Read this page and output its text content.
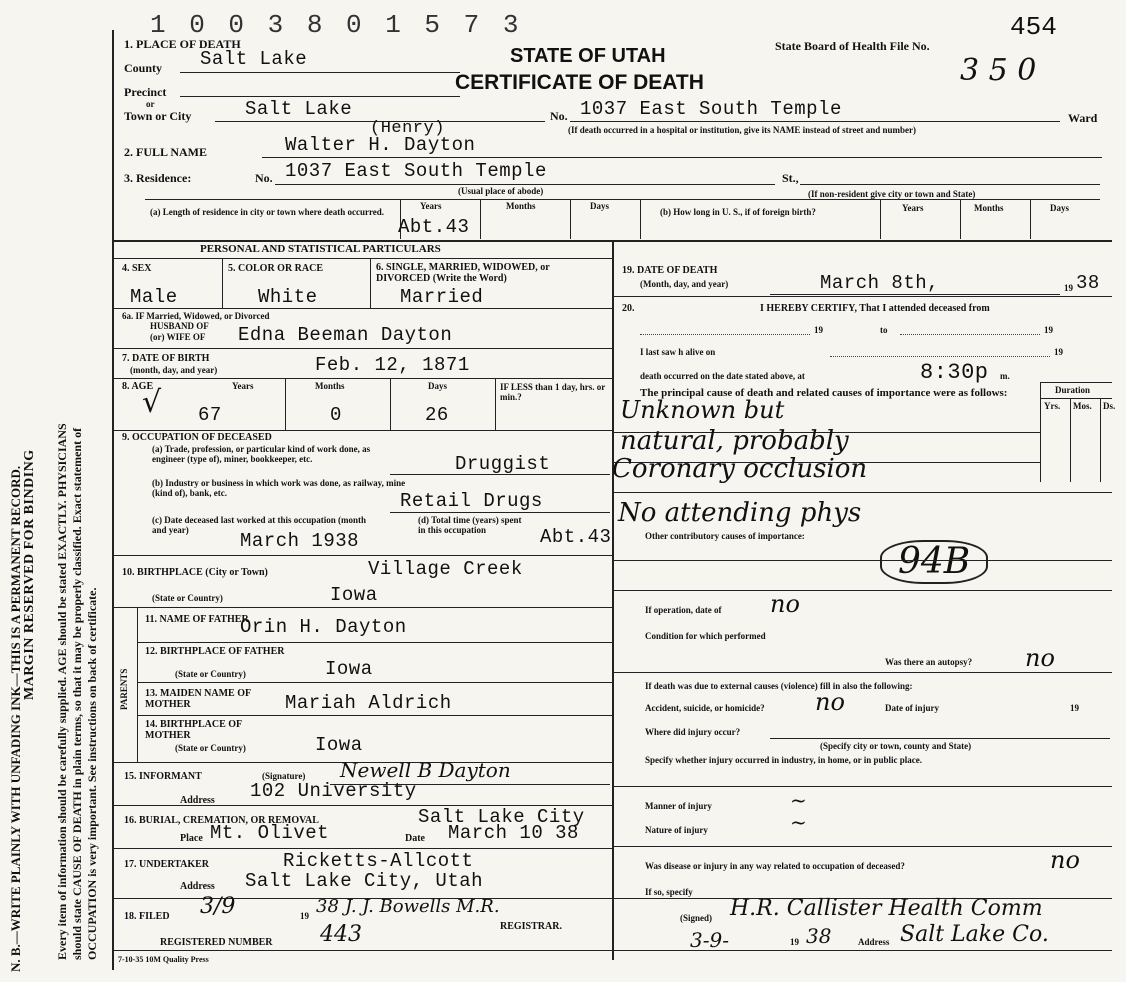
N. B.—WRITE PLAINLY WITH UNFADING INK—THIS IS A PERMANENT RECORD. MARGIN RESERVED FOR BINDING Every item of information should be carefully supplied. AGE should be stated EXACTLY. PHYSICIANS should state CAUSE OF DEATH in plain terms, so that it may be properly classified. Exact statement of OCCUPATION is very important. See instructions on back of certificate.
1 0 0 3 8 0 1 5 7 3
STATE OF UTAH
CERTIFICATE OF DEATH
State Board of Health File No.
454
3 5 0
1. PLACE OF DEATH
County Salt Lake
Precinct
or
Town or City	Salt Lake	No. 1037 East South Temple	Ward
(If death occurred in a hospital or institution, give its NAME instead of street and number)
(Henry)
2. FULL NAME	Walter H. Dayton
3. Residence:	No. 1037 East South Temple	St.,
(Usual place of abode)	(If non-resident give city or town and State)
(a) Length of residence in city or town where death occurred.
Years	Months	Days
Abt.43
(b) How long in U. S., if of foreign birth?	Years	Months	Days
PERSONAL AND STATISTICAL PARTICULARS
4. SEX	5. COLOR OR RACE	6. SINGLE, MARRIED, WIDOWED, or DIVORCED (Write the Word)
Male	White	Married
6a. IF Married, Widowed, or Divorced
HUSBAND OF
(or) WIFE OF Edna Beeman Dayton
7. DATE OF BIRTH
(month, day, and year)	Feb. 12, 1871
8. AGE	Years	Months	Days	IF LESS than 1 day, hrs. or min.?
√ 67	0	26
9. OCCUPATION OF DECEASED
(a) Trade, profession, or particular kind of work done, as engineer (type of), miner, bookkeeper, etc.	Druggist
(b) Industry or business in which work was done, as railway, mine (kind of), bank, etc.	Retail Drugs
(c) Date deceased last worked at this occupation (month and year)
(d) Total time (years) spent in this occupation
March 1938	Abt.43
10. BIRTHPLACE (City or Town)	Village Creek
(State or Country)	Iowa
PARENTS
11. NAME OF FATHER
Orin H. Dayton
12. BIRTHPLACE OF FATHER
(State or Country)	Iowa
13. MAIDEN NAME OF MOTHER	Mariah Aldrich
14. BIRTHPLACE OF MOTHER
(State or Country)	Iowa
15. INFORMANT	(Signature) Newell B Dayton
Address 102 University
16. BURIAL, CREMATION, OR REMOVAL	Salt Lake City
Place Mt. Olivet	Date March 10 38
17. UNDERTAKER	Ricketts-Allcott
Address Salt Lake City, Utah
18. FILED 3/9	19 38 J. J. Bowells M.R.
REGISTRAR.
REGISTERED NUMBER 443
7-10-35 10M Quality Press
19. DATE OF DEATH
(Month, day, and year)	March 8th,	19 38
20.	I HEREBY CERTIFY, That I attended deceased from
19	to	19
I last saw h alive on	19
death occurred on the date stated above, at	8:30p m.
The principal cause of death and related causes of importance were as follows:	Duration
Yrs. Mos. Ds.
Unknown but
natural, probably
Coronary occlusion
No attending phys
Other contributory causes of importance:
94B
If operation, date of no
Condition for which performed
Was there an autopsy? no
If death was due to external causes (violence) fill in also the following:
Accident, suicide, or homicide? no	Date of injury	19
Where did injury occur?
(Specify city or town, county and State)
Specify whether injury occurred in industry, in home, or in public place.
Manner of injury	~
Nature of injury	~
Was disease or injury in any way related to occupation of deceased?	no
If so, specify
(Signed) H.R. Callister Health Comm
3-9-	19 38	Address Salt Lake Co.
